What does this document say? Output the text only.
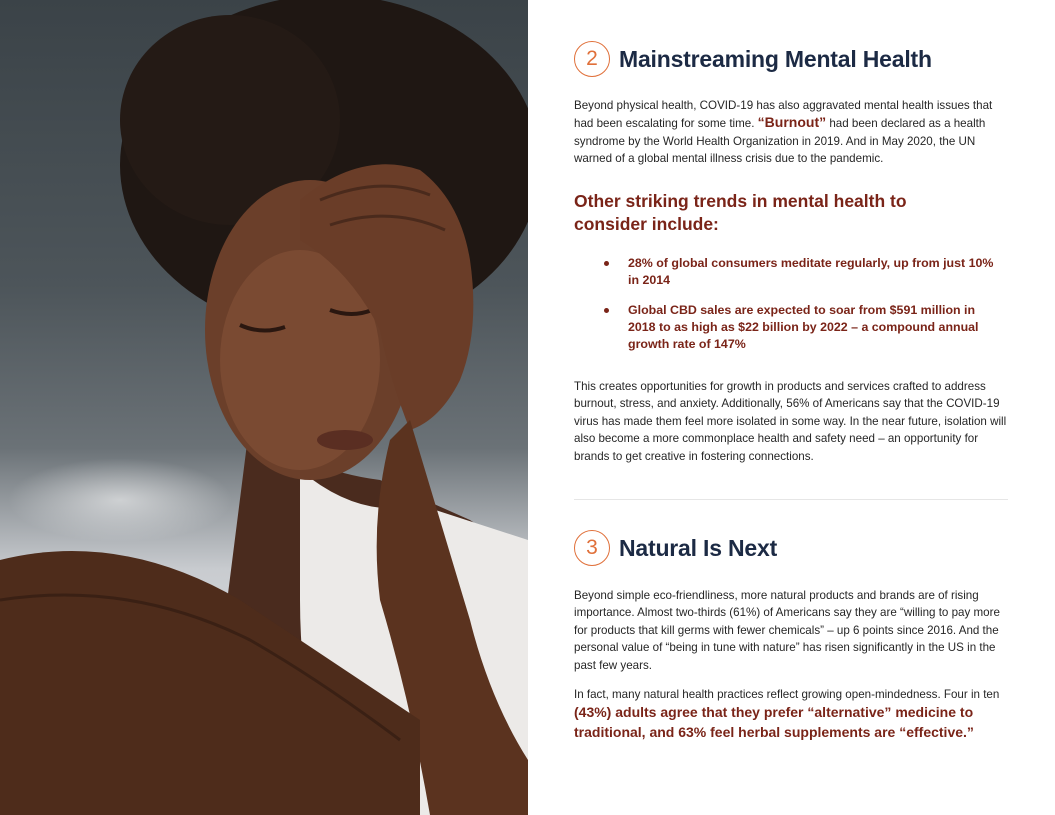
2 Mainstreaming Mental Health

Beyond physical health, COVID-19 has also aggravated mental health issues that had been escalating for some time. “Burnout” had been declared as a health syndrome by the World Health Organization in 2019. And in May 2020, the UN warned of a global mental illness crisis due to the pandemic.

Other striking trends in mental health to consider include:
28% of global consumers meditate regularly, up from just 10% in 2014
Global CBD sales are expected to soar from $591 million in 2018 to as high as $22 billion by 2022 – a compound annual growth rate of 147%

This creates opportunities for growth in products and services crafted to address burnout, stress, and anxiety. Additionally, 56% of Americans say that the COVID-19 virus has made them feel more isolated in some way. In the near future, isolation will also become a more commonplace health and safety need – an opportunity for brands to get creative in fostering connections.

3 Natural Is Next

Beyond simple eco-friendliness, more natural products and brands are of rising importance. Almost two-thirds (61%) of Americans say they are “willing to pay more for products that kill germs with fewer chemicals” – up 6 points since 2016. And the personal value of “being in tune with nature” has risen significantly in the US in the past few years.

In fact, many natural health practices reflect growing open-mindedness. Four in ten (43%) adults agree that they prefer “alternative” medicine to traditional, and 63% feel herbal supplements are “effective.”
